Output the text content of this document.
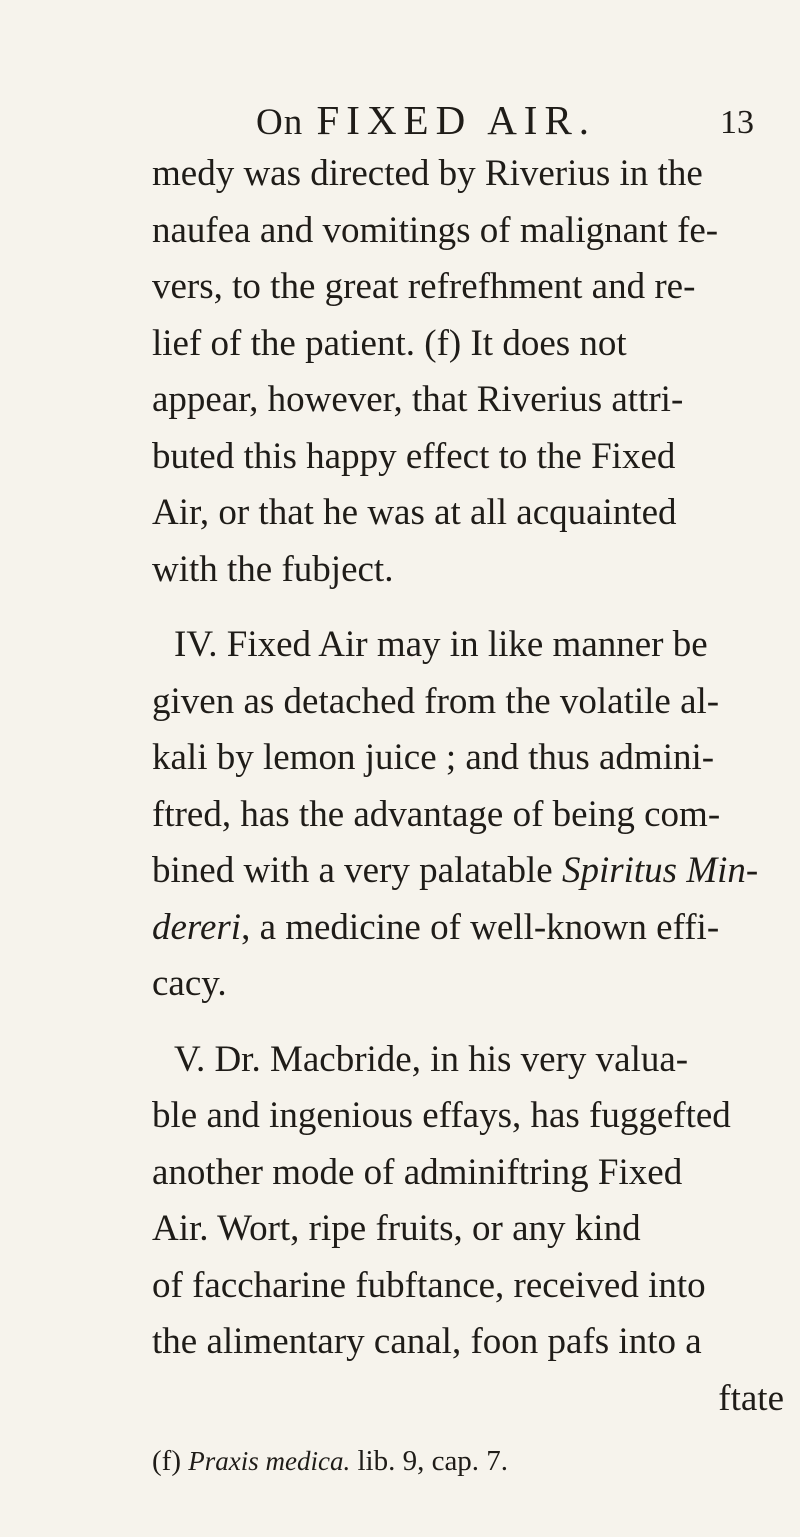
On FIXED AIR.	13
medy was directed by Riverius in the
naufea and vomitings of malignant fe-
vers, to the great refrefhment and re-
lief of the patient. (f) It does not
appear, however, that Riverius attri-
buted this happy effect to the Fixed
Air, or that he was at all acquainted
with the fubject.
IV. Fixed Air may in like manner be
given as detached from the volatile al-
kali by lemon juice ; and thus admini-
ftred, has the advantage of being com-
bined with a very palatable Spiritus Min-
dereri, a medicine of well-known effi-
cacy.
V. Dr. Macbride, in his very valua-
ble and ingenious effays, has fuggefted
another mode of adminiftring Fixed
Air. Wort, ripe fruits, or any kind
of faccharine fubftance, received into
the alimentary canal, foon pafs into a
ftate
(f) Praxis medica. lib. 9, cap. 7.
